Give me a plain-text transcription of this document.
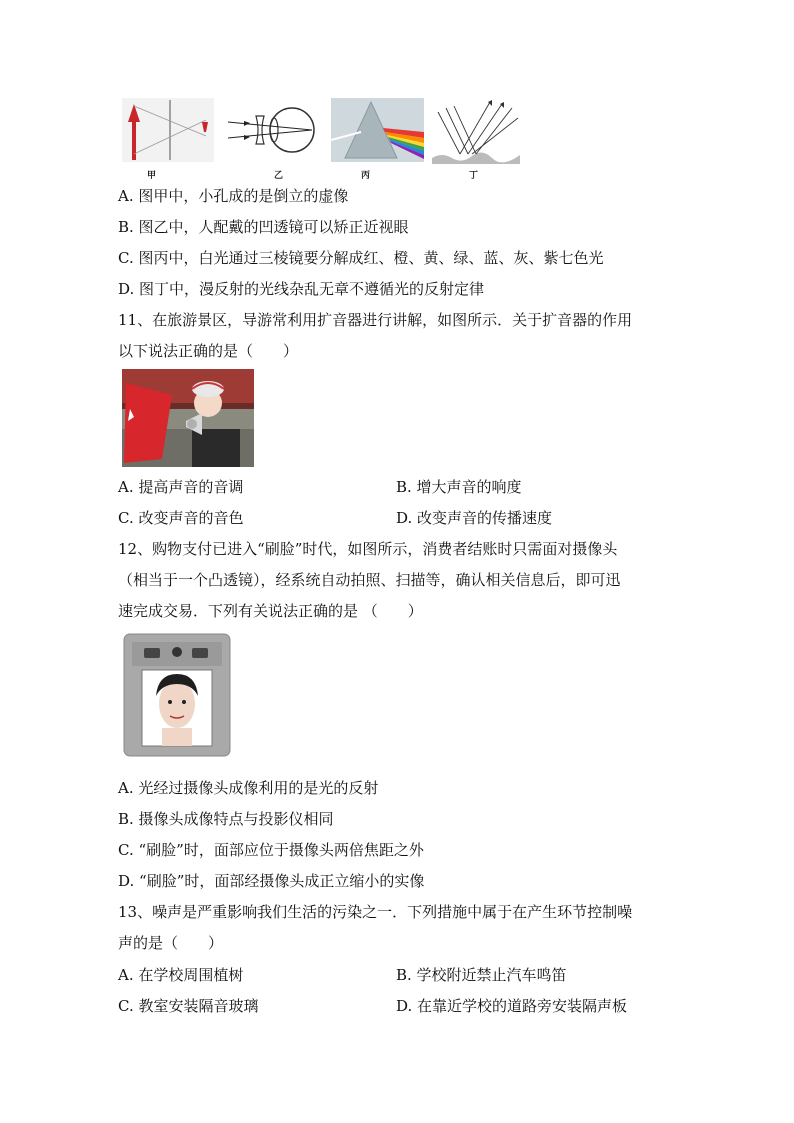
甲	乙	丙	丁
A. 图甲中，小孔成的是倒立的虚像
B. 图乙中，人配戴的凹透镜可以矫正近视眼
C. 图丙中，白光通过三棱镜要分解成红、橙、黄、绿、蓝、灰、紫七色光
D. 图丁中，漫反射的光线杂乱无章不遵循光的反射定律
11、在旅游景区，导游常利用扩音器进行讲解，如图所示．关于扩音器的作用
以下说法正确的是（　　）
A. 提高声音的音调	B. 增大声音的响度
C. 改变声音的音色	D. 改变声音的传播速度
12、购物支付已进入“刷脸”时代，如图所示，消费者结账时只需面对摄像头
（相当于一个凸透镜），经系统自动拍照、扫描等，确认相关信息后，即可迅
速完成交易．下列有关说法正确的是 （　　）
A. 光经过摄像头成像利用的是光的反射
B. 摄像头成像特点与投影仪相同
C. “刷脸”时，面部应位于摄像头两倍焦距之外
D. “刷脸”时，面部经摄像头成正立缩小的实像
13、噪声是严重影响我们生活的污染之一．下列措施中属于在产生环节控制噪
声的是（　　）
A. 在学校周围植树	B. 学校附近禁止汽车鸣笛
C. 教室安装隔音玻璃	D. 在靠近学校的道路旁安装隔声板
